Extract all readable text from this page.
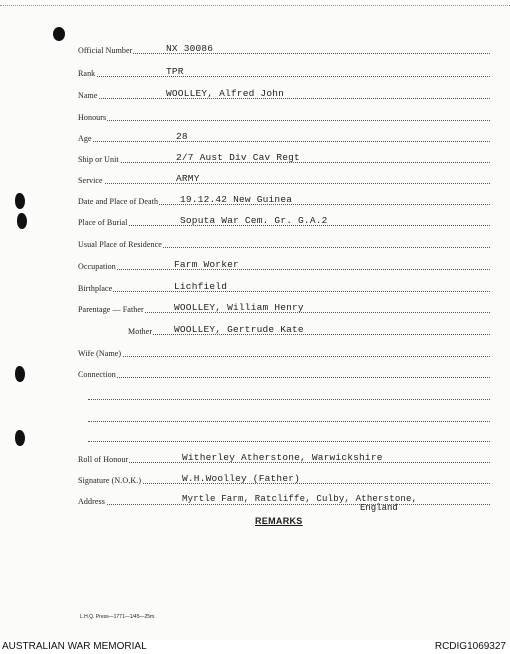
Official Number	NX 30086
Rank	TPR
Name	WOOLLEY, Alfred John
Honours
Age	28
Ship or Unit	2/7 Aust Div Cav Regt
Service	ARMY
Date and Place of Death 19.12.42 New Guinea
Place of Burial	Soputa War Cem. Gr. G.A.2
Usual Place of Residence
Occupation	Farm Worker
Birthplace	Lichfield
Parentage — Father	WOOLLEY, William Henry
Mother WOOLLEY, Gertrude Kate
Wife (Name)
Connection
Roll of Honour	Witherley Atherstone, Warwickshire
Signature (N.O.K.)	W.H.Woolley (Father)
Address	Myrtle Farm, Ratcliffe, Culby, Atherstone,
England
REMARKS
L.H.Q. Press—1771—1/45—25m.
AUSTRALIAN WAR MEMORIAL	RCDIG1069327
